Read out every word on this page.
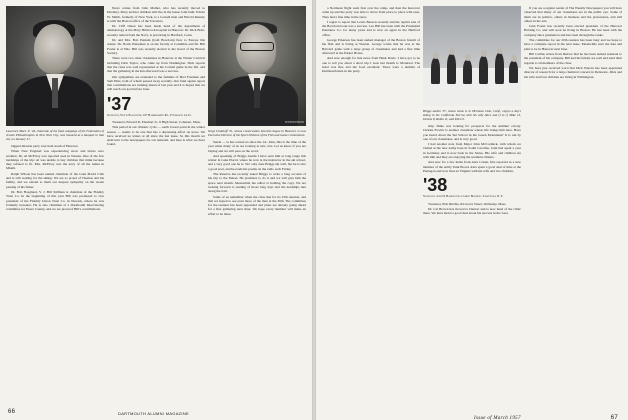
Lawrence Marx Jr. '26, chairman of the fund campaign of the Federation of Jewish Philanthropies in New York City, was honored at a banquet in that city on January 31.

biggest mission party ever held south of Hanover.

When New England was experiencing snow and below zero weather, Dr. Al McElroy was reported seen in Nassau. One of the few hardships of the trip: Al was unable to buy children that mink because they refused to fit. Mrs. McElroy was the envy of all the ladies in Miami.

Ralph Wilson has been named chairman of the Lake Placid Club and is still waiting for the skiing. We are so proud of Thomas and his family, and we extend to them our deepest sympathy on the recent passing of his father.

Dr. Bob Hoagland, V. J. Bill Stillman is chairman of the Fidelity Trust Co. In the beginning of this year Bill was promoted to vice president of the Fidelity Union Trust Co. in Newark, where he was formerly treasurer. He is also chairman of a Dartmouth Interviewing committee for Essex County, and we are proud of Bill's contributions.

News comes from John Mather, who has recently moved to Duxbury. Mary and her children still live in the house John built. Edwin W. Smith, formerly of New York, is a Cornell man and Harold Ranney is with the Boston office of the Travelers.

Dr. Cliff Olsen has been made head of the department of dermatology at the Mary Hitchcock hospital in Hanover. Dr. Dick Bratt, recently retired from the Navy, is practicing in Hartford, Conn.

Dr. and Mrs. Bob Putnam (both Bowdoin) flew to Europe this winter. Dr. Norm Weissman is on the faculty at Columbia and Dr. Bill Foster is at Yale. Bill was recently elected to the board of the Boston Society.

There were two other classmates in Hanover at the Winter Carnival including Dick Taylor, who came up from Washington. Dick reports that the class was well represented at the Cornell game in the fall, and that the gathering in the Inn afterward was a success.

Our sympathies are extended to the families of Bert Freeman and Sam Hale, both of whom passed away recently. Our fund agents report that contributions are running ahead of last year and it is hoped that we will reach our goal before June.

'37
Secretary, Watts Ballentine, 107 Hammersmith Rd., Pittsburgh 14, Pa.

Treasurer, Edward R. Eberhart Jr., 6 High Street, Cohasset, Mass.

This period in our climatic cycle — earth lowest point in the winter season — seems to be one that has a depressing effect on news. We have received no letters at all since the last issue. So this month we shall turn to the newspapers for our material, and here is what we have found.

FOSTER PHOTO
Serge Unduloff '31, whose conservation interests began in Hanover, is now Executive Director of the Sport Division of the Fish and Game Commission.

Sands — is has owned us since the 1st. John, this is the time of the year when many of us are looking at new cars. Let us know if you are buying and we will pass on the word.

And speaking of Briggs Austin I have seen him at long range this winter in Lake Placid, where he now is the instructor in the ski school, and a very good one he is. Not only does Briggs ski well, but he is also a good poet, and he reads his poems on the radio each Friday.

The Reserve has recently asked Briggs to write a long account of his trip to the Yukon. He promises to do it and we will give him the space next month. Meanwhile the editor is holding the copy. We are looking forward to reading of those long days and the hardships met along the trail.

Some of us remember when the class met for its 25th reunion, and that we hoped to see even more of the men at the 30th. The committee for the reunion has been appointed and plans are already going ahead for a fine gathering next June. We hope every member will make an effort to be there.

66	DARTMOUTH ALUMNI MAGAZINE

a Northeast flight went first over the camp, and then the motorcar came up and the party was able to move from place to place with ease. They had a fine time in the snow.

I regret to report that Lewis Beeson recently and the reprint sale of the Bowdoin book was a success. Leo Hill has been with the Prudential Insurance Co. for many years and is now an agent in the Hartford office.

George Emerson has been named manager of the Boston branch of his firm and is living at Weston. George writes that he was at the Harvard game with a large group of classmates and had a fine time afterward at the Parker House.

And now enough for this news from Hank Davis. I have got to be one to tell you about a short trip I took last month to Montreal. The hotel was fine and the food excellent. There were a number of Dartmouth men in the party.

Briggs Austin '37, whose home is in Hermosa Oslo, Calif., enjoys a day's skiing in the California Sierras with his wife Alice and (l to r) Mike 13, Dennie 8, Robin 11, and Ellen 9.

ship. Duke was looking for prospects for the summer colony. Charles Fowler is another classmate whose life brings him here. Have you heard about the Ski School in the Green Mountains? It is run by one of our classmates, and is very good.

I had another note from Major John McCormick, with whom we visited at the new Army base in South Carolina. John had spent a year in Germany and is now back in the States. His wife and children are with him and they are enjoying the southern climate.

And now for a few items from Alex Cohen, first reported as a new member of the Army Tank Board. Alex spent a good deal of time at the Pentagon and now lives in Virginia with his wife and two children.

'38
Secretary, John H. Harrington, Coming Building, Tarrytown, N. Y.

Treasurer, Bob Ritchie, 84 Grove Street, Wellesley, Mass.

Dr. Cal Brown has moved to Denver and is now head of the clinic there. We have heard a good deal about his success in the west.

If you are a regular reader of The Weekly Newspapers you will have observed that many of our classmates are in the public eye. Some of them are in politics, others in business and the professions, and still others in the arts.

John Foster has recently been elected president of the Hanover Holding Co. and will soon be living in Boston. He has been with the company since graduation and has risen through the ranks.

The committee for our 20th reunion has been busy and we hope to have a complete report in the next issue. Meanwhile save the date and plan to be in Hanover next June.

Bill Collins writes from Denver that he has been named assistant to the president of his company. Bill and his family are well and send their regards to all members of the class.

We have just received word that Dick Warren has been appointed director of research for a large chemical concern in Delaware. Dick and his wife and four children are living in Wilmington.

Issue of March 1957	67
